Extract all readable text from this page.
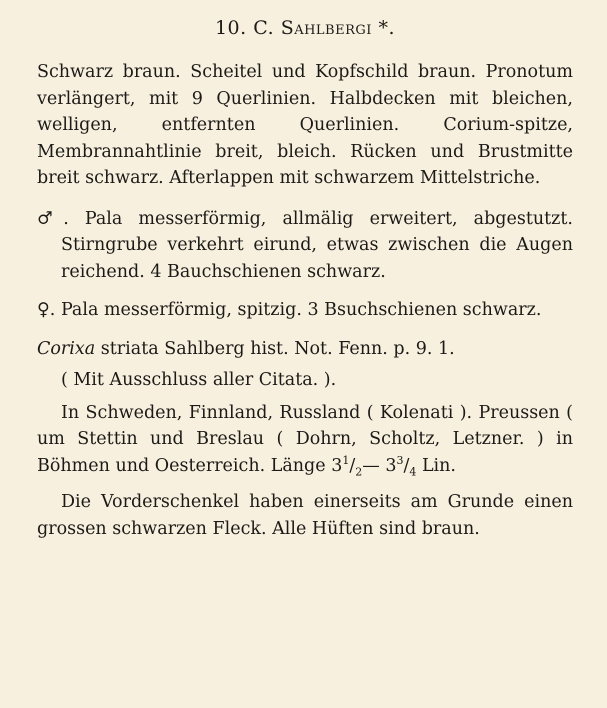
10. C. Sahlbergi *.

Schwarz braun. Scheitel und Kopfschild braun. Pronotum verlängert, mit 9 Querlinien. Halbdecken mit bleichen, welligen, entfernten Querlinien. Corium-spitze, Membrannahtlinie breit, bleich. Rücken und Brustmitte breit schwarz. Afterlappen mit schwarzem Mittelstriche.

♂. Pala messerförmig, allmälig erweitert, abgestutzt. Stirngrube verkehrt eirund, etwas zwischen die Augen reichend. 4 Bauchschienen schwarz.

♀. Pala messerförmig, spitzig. 3 Bsuchschienen schwarz.

Corixa striata Sahlberg hist. Not. Fenn. p. 9. 1.

( Mit Ausschluss aller Citata. ).

In Schweden, Finnland, Russland ( Kolenati ). Preussen ( um Stettin und Breslau ( Dohrn, Scholtz, Letzner. ) in Böhmen und Oesterreich. Länge $3^1/_2—$ $3^3/_4$ Lin.

Die Vorderschenkel haben einerseits am Grunde einen grossen schwarzen Fleck. Alle Hüften sind braun.
